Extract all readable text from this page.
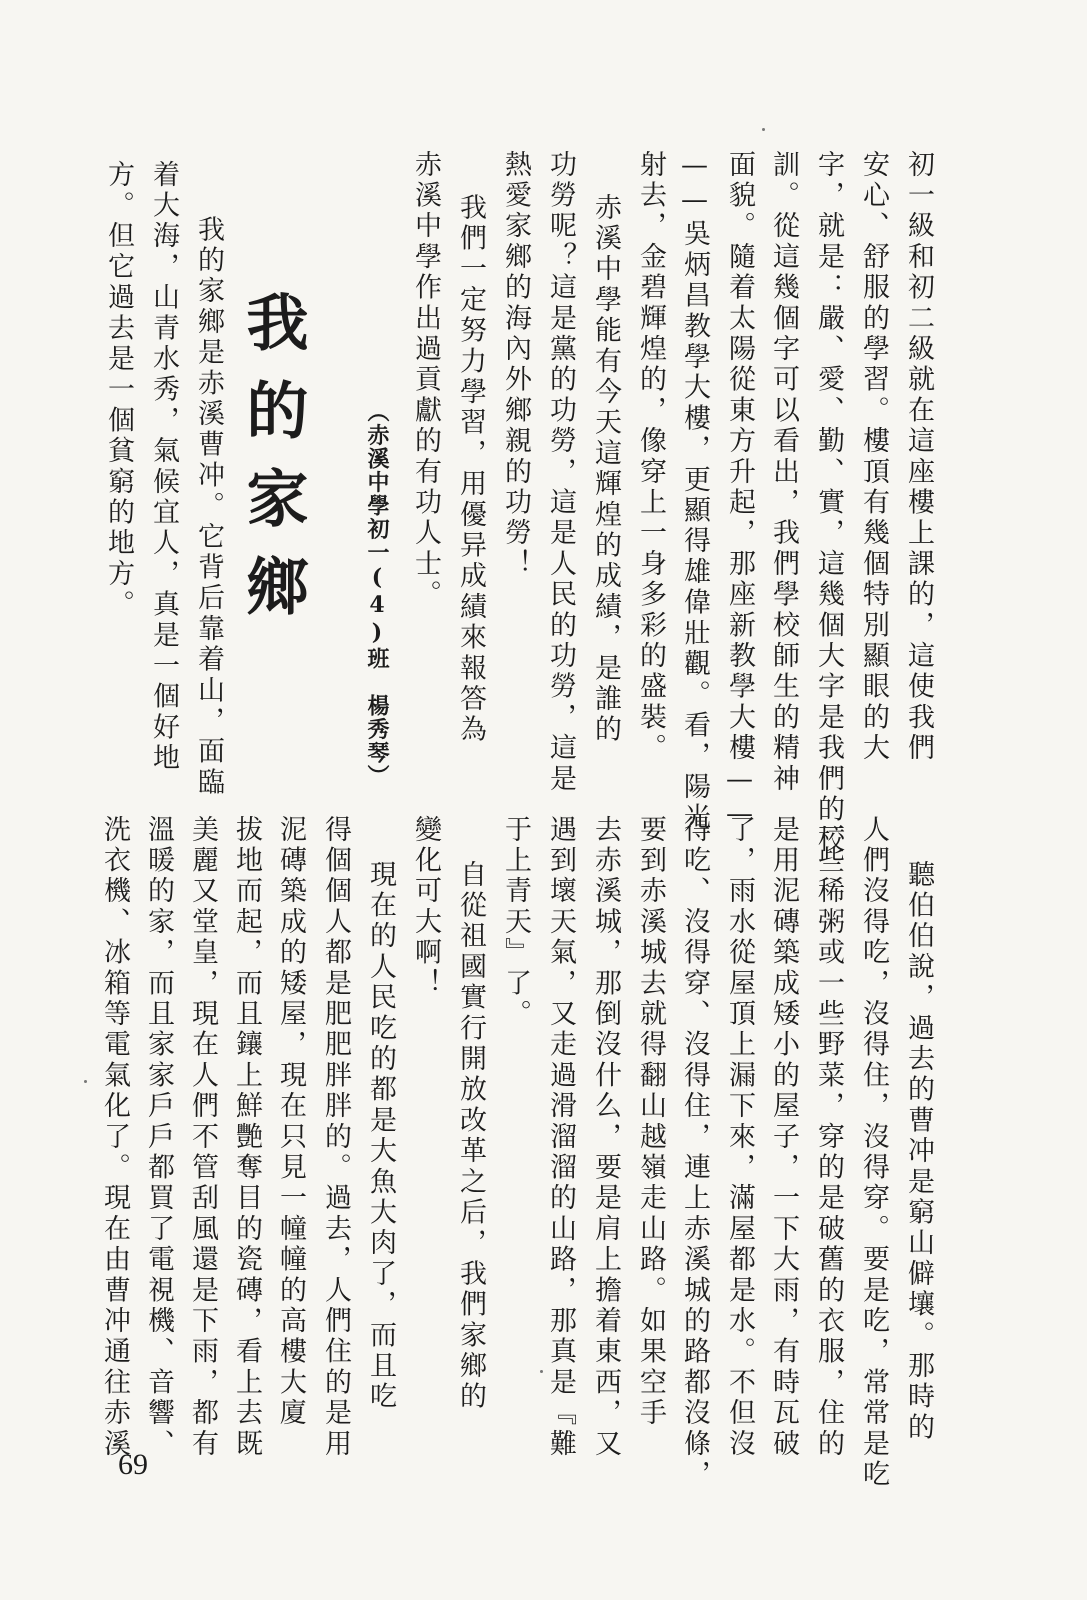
初一級和初二級就在這座樓上課的，這使我們
安心、舒服的學習。樓頂有幾個特別顯眼的大
字，就是：嚴、愛、勤、實，這幾個大字是我們的校
訓。從這幾個字可以看出，我們學校師生的精神
面貌。隨着太陽從東方升起，那座新教學大樓——
——吳炳昌教學大樓，更顯得雄偉壯觀。看，陽光
射去，金碧輝煌的，像穿上一身多彩的盛裝。
赤溪中學能有今天這輝煌的成績，是誰的
功勞呢？這是黨的功勞，這是人民的功勞，這是
熱愛家鄉的海內外鄉親的功勞！
我們一定努力學習，用優异成績來報答為
赤溪中學作出過貢獻的有功人士。
（赤溪中學初一(4)班　楊秀琴）
我的家鄉
我的家鄉是赤溪曹冲。它背后靠着山，面臨
着大海，山青水秀，氣候宜人，真是一個好地
方。但它過去是一個貧窮的地方。
聽伯伯說，過去的曹冲是窮山僻壤。那時的
人們沒得吃，沒得住，沒得穿。要是吃，常常是吃
一些稀粥或一些野菜，穿的是破舊的衣服，住的
是用泥磚築成矮小的屋子，一下大雨，有時瓦破
了，雨水從屋頂上漏下來，滿屋都是水。不但沒
得吃、沒得穿、沒得住，連上赤溪城的路都沒條，
要到赤溪城去就得翻山越嶺走山路。如果空手
去赤溪城，那倒沒什么，要是肩上擔着東西，又
遇到壞天氣，又走過滑溜溜的山路，那真是『難
于上青天』了。
自從祖國實行開放改革之后，我們家鄉的
變化可大啊！
現在的人民吃的都是大魚大肉了，而且吃
得個個人都是肥肥胖胖的。過去，人們住的是用
泥磚築成的矮屋，現在只見一幢幢的高樓大廈
拔地而起，而且鑲上鮮艷奪目的瓷磚，看上去既
美麗又堂皇，現在人們不管刮風還是下雨，都有
溫暖的家，而且家家戶戶都買了電視機、音響、
洗衣機、冰箱等電氣化了。現在由曹冲通往赤溪
69
